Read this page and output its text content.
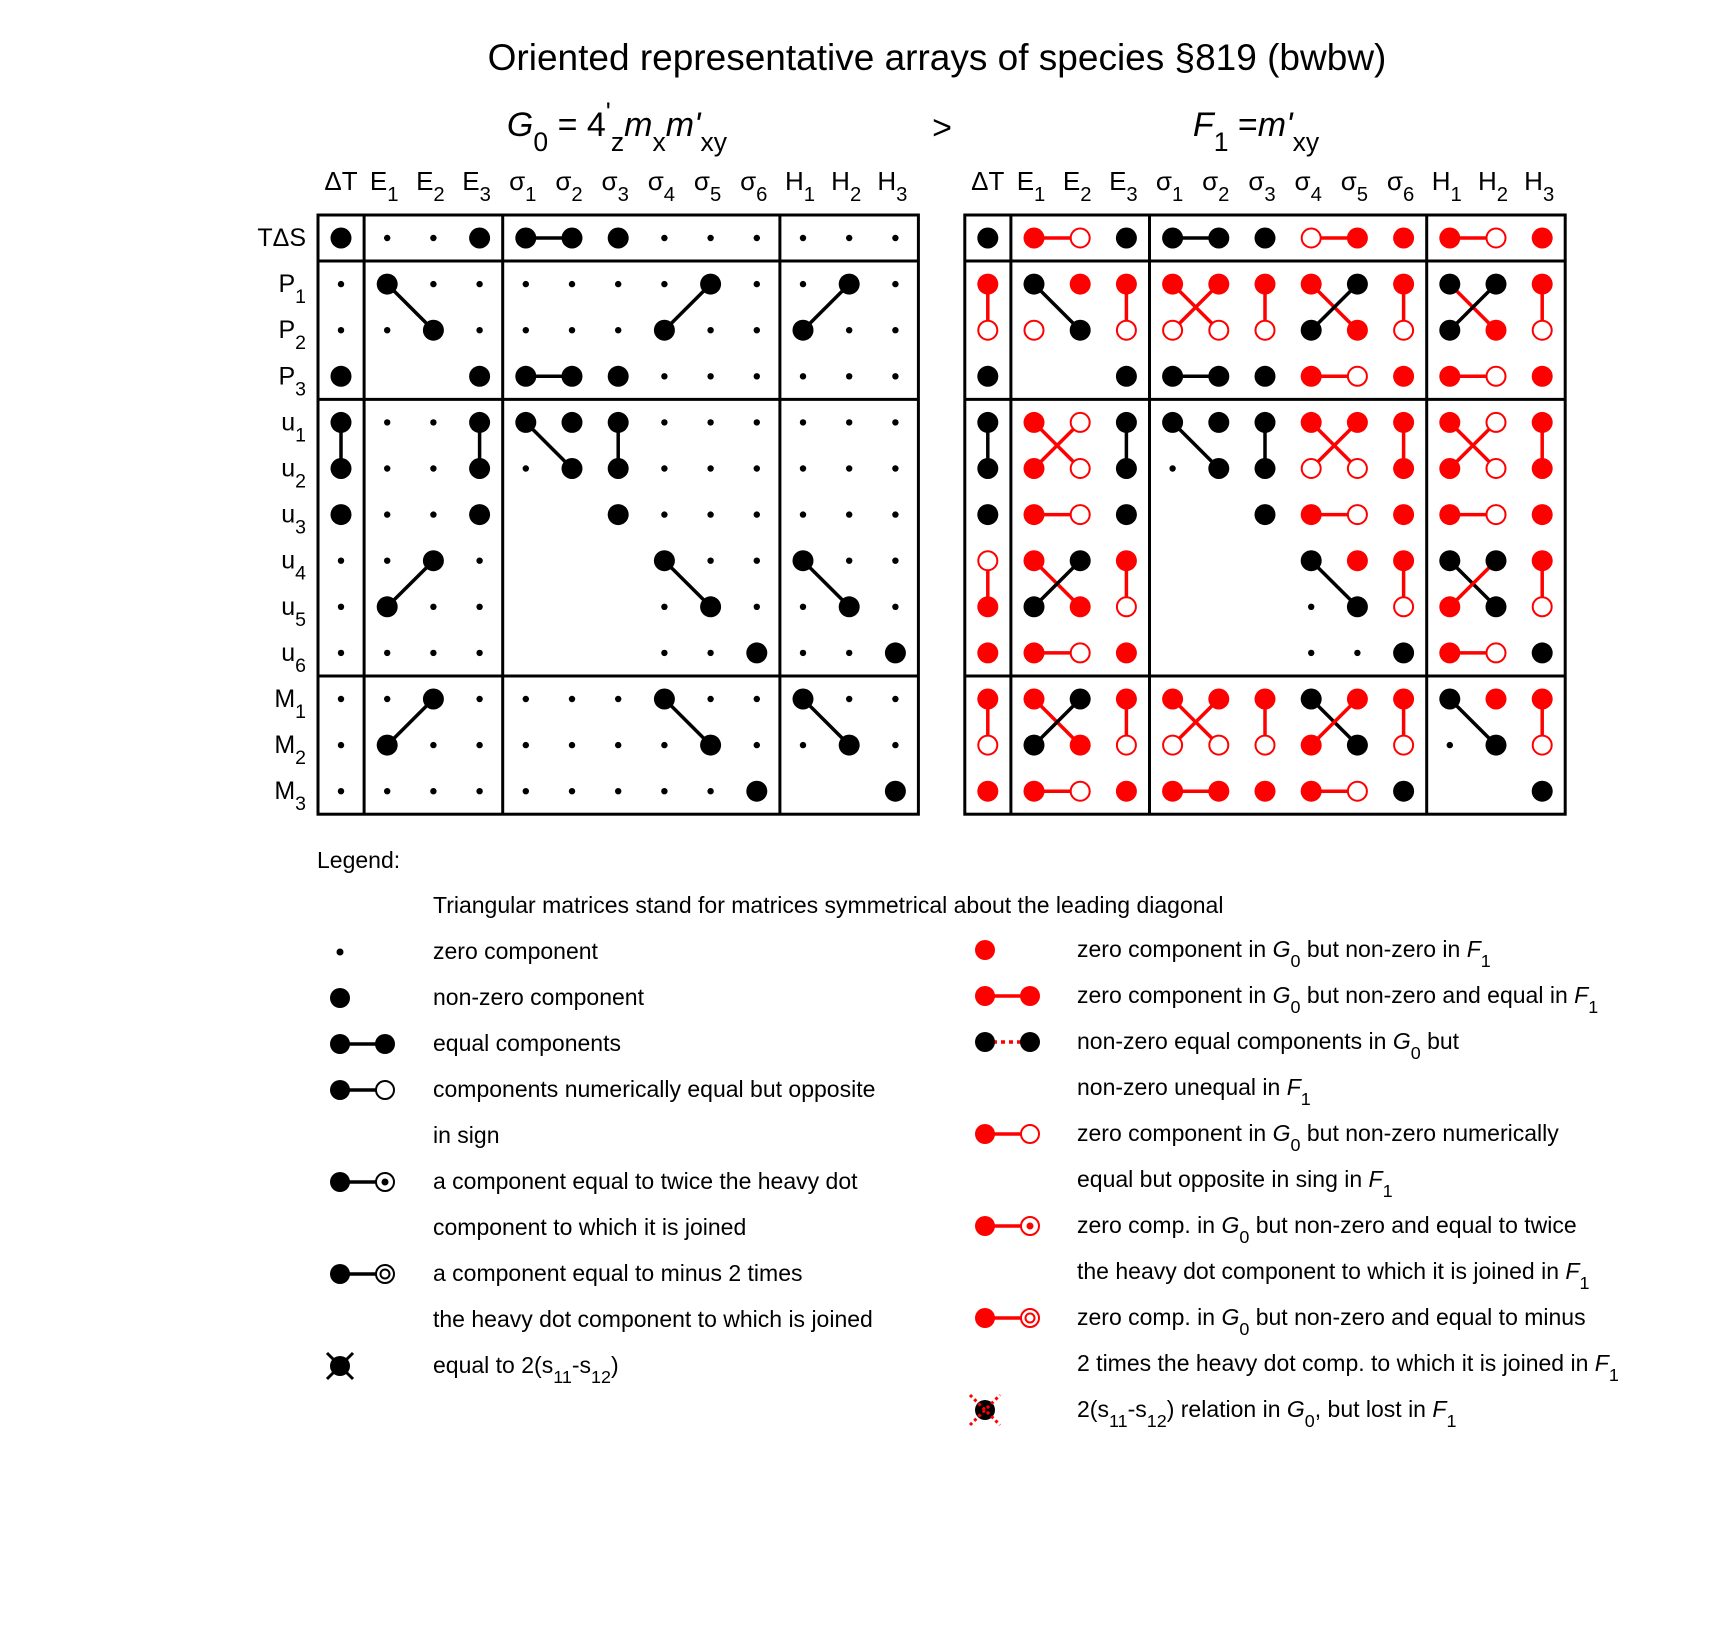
Oriented representative arrays of species §819 (bwbw)
>
$G_0 = 4'_zm_xm'_{xy}$	$F_1 =m'_{xy}$
ΔT $E_1$ $E_2$ $E_3$ $\sigma_1$ $\sigma_2$ $\sigma_3$ $\sigma_4$ $\sigma_5$ $\sigma_6$ $H_1$ $H_2$ $H_3$
TΔS
$P_1$
$P_2$
$P_3$
$u_1$
$u_2$
$u_3$
$u_4$
$u_5$
$u_6$
$M_1$
$M_2$
$M_3$
ΔT $E_1$ $E_2$ $E_3$ $\sigma_1$ $\sigma_2$ $\sigma_3$ $\sigma_4$ $\sigma_5$ $\sigma_6$ $H_1$ $H_2$ $H_3$
Legend:
Triangular matrices stand for matrices symmetrical about the leading diagonal
zero component
non-zero component
equal components
components numerically equal but opposite
in sign
a component equal to twice the heavy dot
component to which it is joined
a component equal to minus 2 times
the heavy dot component to which is joined
equal to $2(s_{11}-s_{12})$
zero component in $G_0$ but non-zero in $F_1$
zero component in $G_0$ but non-zero and equal in $F_1$
non-zero equal components in $G_0$ but
non-zero unequal in $F_1$
zero component in $G_0$ but non-zero numerically
equal but opposite in sing in $F_1$
zero comp. in $G_0$ but non-zero and equal to twice
the heavy dot component to which it is joined in $F_1$
zero comp. in $G_0$ but non-zero and equal to minus
2 times the heavy dot comp. to which it is joined in $F_1$
$2(s_{11}-s_{12})$ relation in $G_0$, but lost in $F_1$
